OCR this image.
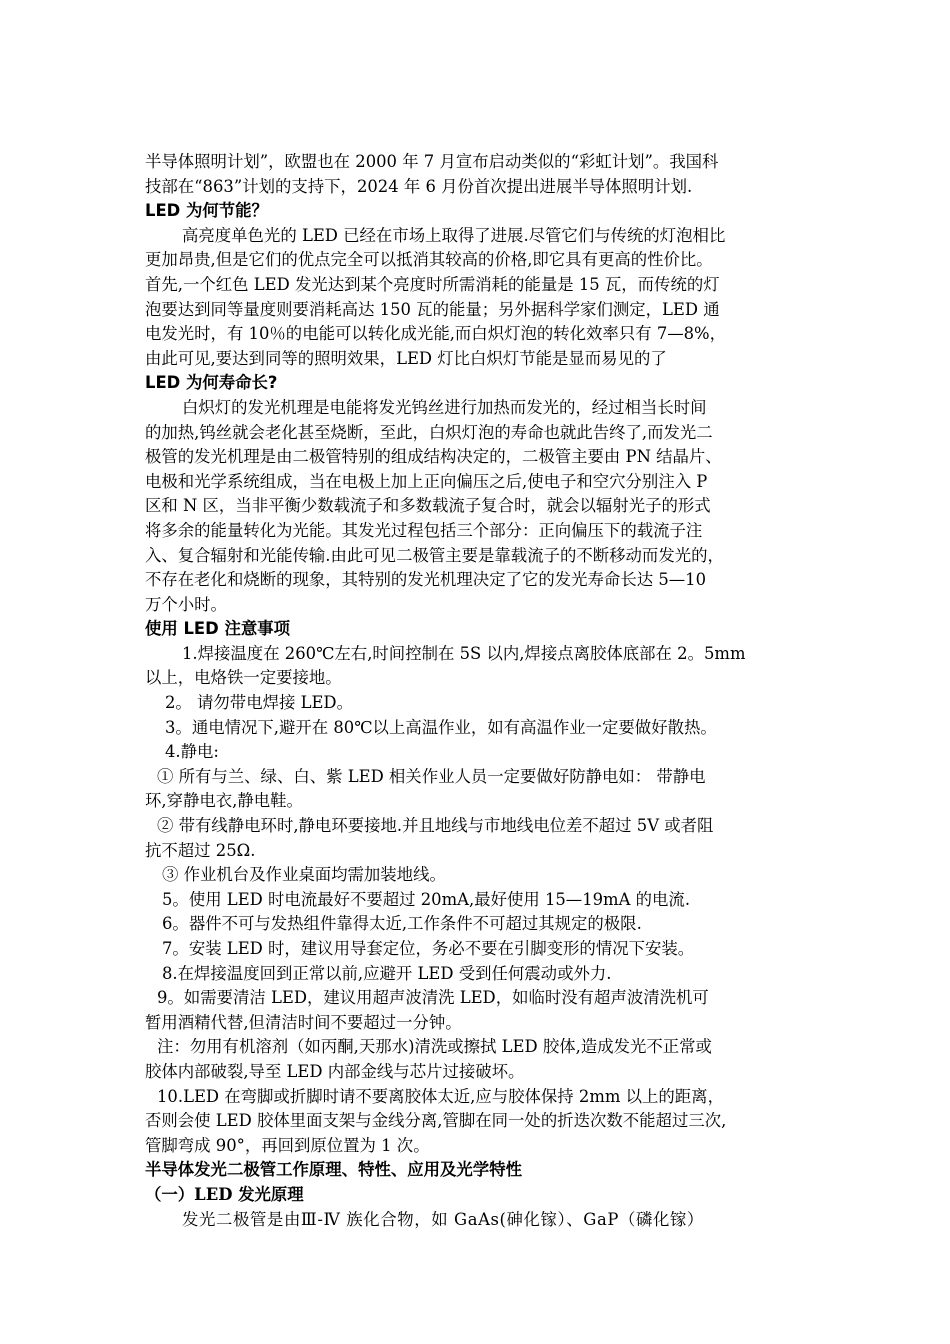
半导体照明计划”，欧盟也在 2000 年 7 月宣布启动类似的“彩虹计划”。我国科
技部在“863”计划的支持下，2024 年 6 月份首次提出进展半导体照明计划.
LED 为何节能？
高亮度单色光的 LED 已经在市场上取得了进展.尽管它们与传统的灯泡相比
更加昂贵,但是它们的优点完全可以抵消其较高的价格,即它具有更高的性价比。
首先,一个红色 LED 发光达到某个亮度时所需消耗的能量是 15 瓦，而传统的灯
泡要达到同等量度则要消耗高达 150 瓦的能量；另外据科学家们测定，LED 通
电发光时，有 10％的电能可以转化成光能,而白炽灯泡的转化效率只有 7—8%，
由此可见,要达到同等的照明效果，LED 灯比白炽灯节能是显而易见的了
LED 为何寿命长?
白炽灯的发光机理是电能将发光钨丝进行加热而发光的，经过相当长时间
的加热,钨丝就会老化甚至烧断，至此，白炽灯泡的寿命也就此告终了,而发光二
极管的发光机理是由二极管特别的组成结构决定的，二极管主要由 PN 结晶片、
电极和光学系统组成，当在电极上加上正向偏压之后,使电子和空穴分别注入 P
区和 N 区，当非平衡少数载流子和多数载流子复合时，就会以辐射光子的形式
将多余的能量转化为光能。其发光过程包括三个部分：正向偏压下的载流子注
入、复合辐射和光能传输.由此可见二极管主要是靠载流子的不断移动而发光的，
不存在老化和烧断的现象，其特别的发光机理决定了它的发光寿命长达 5—10
万个小时。
使用 LED 注意事项
1.焊接温度在 260℃左右,时间控制在 5S 以内,焊接点离胶体底部在 2。5mm
以上，电烙铁一定要接地。
2。 请勿带电焊接 LED。
3。通电情况下,避开在 80℃以上高温作业，如有高温作业一定要做好散热。
4.静电:
① 所有与兰、绿、白、紫 LED 相关作业人员一定要做好防静电如： 带静电
环,穿静电衣,静电鞋。
② 带有线静电环时,静电环要接地.并且地线与市地线电位差不超过 5V 或者阻
抗不超过 25Ω.
③ 作业机台及作业桌面均需加装地线。
5。使用 LED 时电流最好不要超过 20mA,最好使用 15—19mA 的电流.
6。器件不可与发热组件靠得太近,工作条件不可超过其规定的极限.
7。安装 LED 时，建议用导套定位，务必不要在引脚变形的情况下安装。
8.在焊接温度回到正常以前,应避开 LED 受到任何震动或外力.
9。如需要清洁 LED，建议用超声波清洗 LED，如临时没有超声波清洗机可
暂用酒精代替,但清洁时间不要超过一分钟。
注：勿用有机溶剂（如丙酮,天那水)清洗或擦拭 LED 胶体,造成发光不正常或
胶体内部破裂,导至 LED 内部金线与芯片过接破坏。
10.LED 在弯脚或折脚时请不要离胶体太近,应与胶体保持 2mm 以上的距离，
否则会使 LED 胶体里面支架与金线分离,管脚在同一处的折迭次数不能超过三次,
管脚弯成 90°，再回到原位置为 1 次。
半导体发光二极管工作原理、特性、应用及光学特性
（一）LED 发光原理
发光二极管是由Ⅲ-Ⅳ 族化合物，如 GaAs(砷化镓）、GaP（磷化镓）
